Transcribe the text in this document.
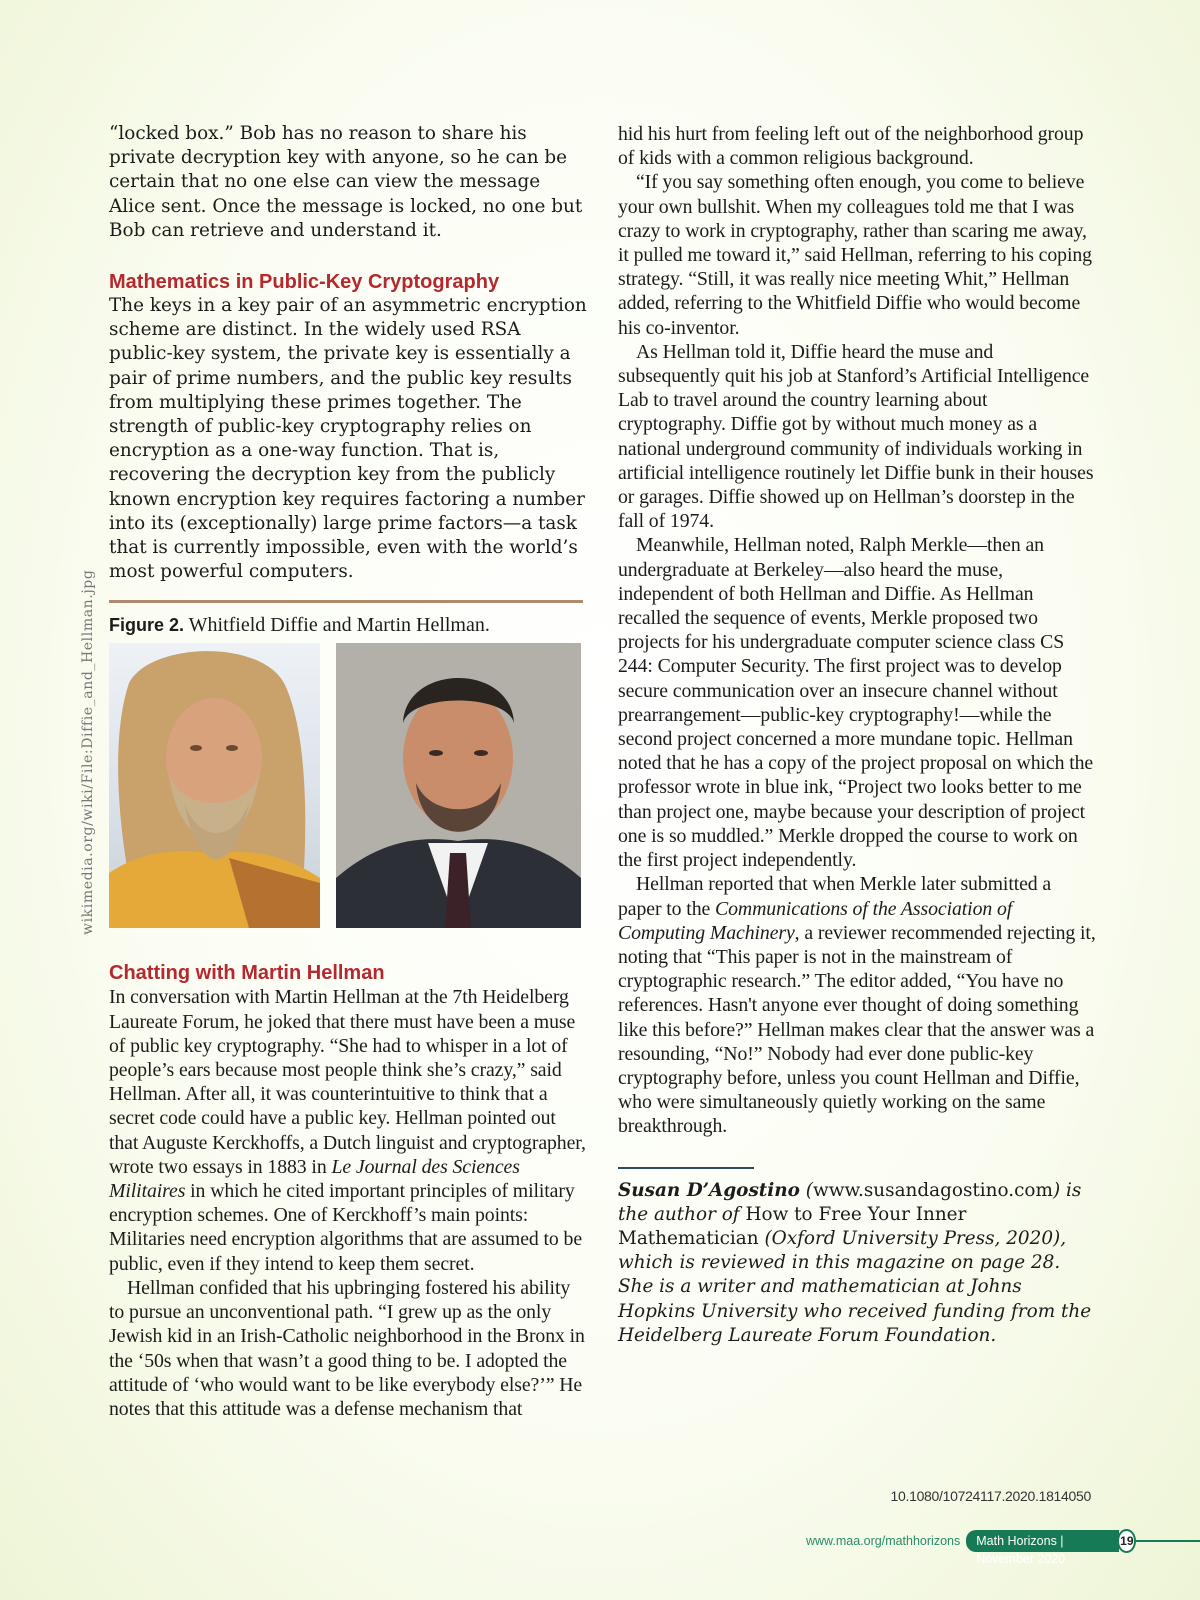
wikimedia.org/wiki/File:Diffie_and_Hellman.jpg

“locked box.” Bob has no reason to share his private decryption key with anyone, so he can be certain that no one else can view the message Alice sent. Once the message is locked, no one but Bob can retrieve and understand it.

Mathematics in Public-Key Cryptography

The keys in a key pair of an asymmetric encryption scheme are distinct. In the widely used RSA public-key system, the private key is essentially a pair of prime numbers, and the public key results from multiplying these primes together. The strength of public-key cryptography relies on encryption as a one-way function. That is, recovering the decryption key from the publicly known encryption key requires factoring a number into its (exceptionally) large prime factors—a task that is currently impossible, even with the world’s most powerful computers.

Figure 2. Whitfield Diffie and Martin Hellman.
Chatting with Martin Hellman

In conversation with Martin Hellman at the 7th Heidelberg Laureate Forum, he joked that there must have been a muse of public key cryptography. “She had to whisper in a lot of people’s ears because most people think she’s crazy,” said Hellman. After all, it was counterintuitive to think that a secret code could have a public key. Hellman pointed out that Auguste Kerckhoffs, a Dutch linguist and cryptographer, wrote two essays in 1883 in Le Journal des Sciences Militaires in which he cited important principles of military encryption schemes. One of Kerckhoff’s main points: Militaries need encryption algorithms that are assumed to be public, even if they intend to keep them secret.

Hellman confided that his upbringing fostered his ability to pursue an unconventional path. “I grew up as the only Jewish kid in an Irish-Catholic neighborhood in the Bronx in the ‘50s when that wasn’t a good thing to be. I adopted the attitude of ‘who would want to be like everybody else?’” He notes that this attitude was a defense mechanism that

hid his hurt from feeling left out of the neighborhood group of kids with a common religious background.

“If you say something often enough, you come to believe your own bullshit. When my colleagues told me that I was crazy to work in cryptography, rather than scaring me away, it pulled me toward it,” said Hellman, referring to his coping strategy. “Still, it was really nice meeting Whit,” Hellman added, referring to the Whitfield Diffie who would become his co-inventor.

As Hellman told it, Diffie heard the muse and subsequently quit his job at Stanford’s Artificial Intelligence Lab to travel around the country learning about cryptography. Diffie got by without much money as a national underground community of individuals working in artificial intelligence routinely let Diffie bunk in their houses or garages. Diffie showed up on Hellman’s doorstep in the fall of 1974.

Meanwhile, Hellman noted, Ralph Merkle—then an undergraduate at Berkeley—also heard the muse, independent of both Hellman and Diffie. As Hellman recalled the sequence of events, Merkle proposed two projects for his undergraduate computer science class CS 244: Computer Security. The first project was to develop secure communication over an insecure channel without prearrangement—public-key cryptography!—while the second project concerned a more mundane topic. Hellman noted that he has a copy of the project proposal on which the professor wrote in blue ink, “Project two looks better to me than project one, maybe because your description of project one is so muddled.” Merkle dropped the course to work on the first project independently.

Hellman reported that when Merkle later submitted a paper to the Communications of the Association of Computing Machinery, a reviewer recommended rejecting it, noting that “This paper is not in the mainstream of cryptographic research.” The editor added, “You have no references. Hasn't anyone ever thought of doing something like this before?” Hellman makes clear that the answer was a resounding, “No!” Nobody had ever done public-key cryptography before, unless you count Hellman and Diffie, who were simultaneously quietly working on the same breakthrough.

Susan D’Agostino (www.susandagostino.com) is the author of How to Free Your Inner Mathematician (Oxford University Press, 2020), which is reviewed in this magazine on page 28. She is a writer and mathematician at Johns Hopkins University who received funding from the Heidelberg Laureate Forum Foundation.

10.1080/10724117.2020.1814050
www.maa.org/mathhorizons	Math Horizons | November 2020
19
